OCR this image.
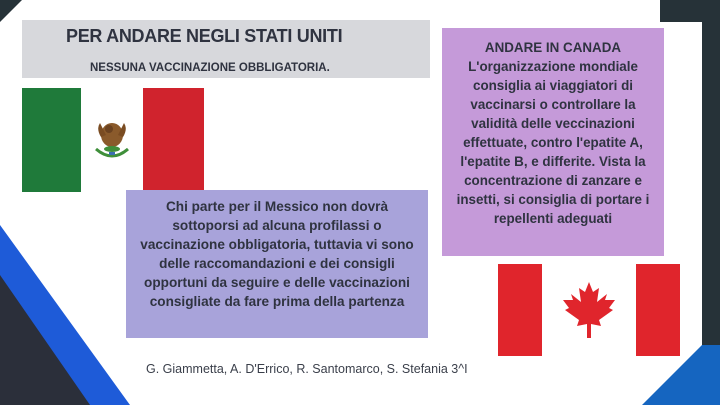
PER ANDARE NEGLI STATI UNITI
NESSUNA VACCINAZIONE OBBLIGATORIA.
Chi parte per il Messico non dovrà sottoporsi ad alcuna profilassi o vaccinazione obbligatoria, tuttavia vi sono delle raccomandazioni e dei consigli opportuni da seguire e delle vaccinazioni consigliate da fare prima della partenza
ANDARE IN CANADA L'organizzazione mondiale consiglia ai viaggiatori di vaccinarsi o controllare la validità delle veccinazioni effettuate, contro l'epatite A, l'epatite B, e differite. Vista la concentrazione di zanzare e insetti, si consiglia di portare i repellenti adeguati
G. Giammetta, A. D'Errico, R. Santomarco, S. Stefania 3^I
